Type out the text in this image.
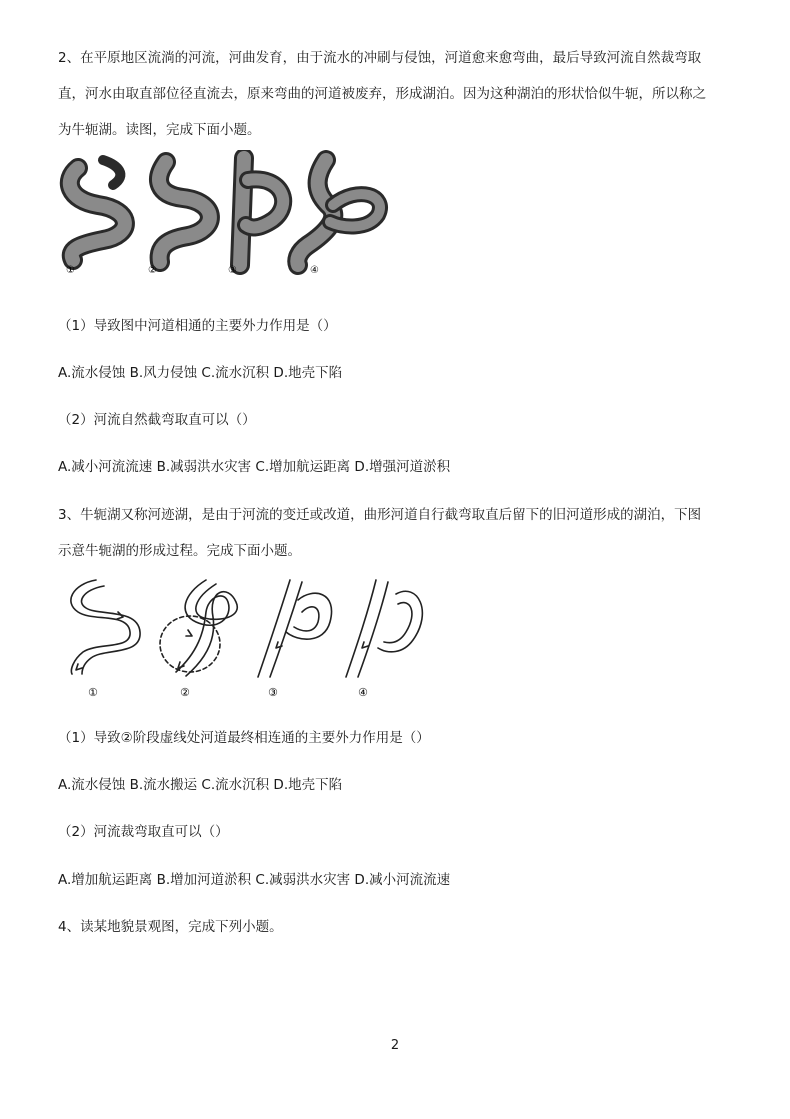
2、在平原地区流淌的河流，河曲发育，由于流水的冲刷与侵蚀，河道愈来愈弯曲，最后导致河流自然裁弯取
直，河水由取直部位径直流去，原来弯曲的河道被废弃，形成湖泊。因为这种湖泊的形状恰似牛轭，所以称之
为牛轭湖。读图，完成下面小题。
①	②	③	④
（1）导致图中河道相通的主要外力作用是（）
A.流水侵蚀 B.风力侵蚀 C.流水沉积 D.地壳下陷
（2）河流自然截弯取直可以（）
A.减小河流流速 B.减弱洪水灾害 C.增加航运距离 D.增强河道淤积
3、牛轭湖又称河迹湖，是由于河流的变迁或改道，曲形河道自行截弯取直后留下的旧河道形成的湖泊，下图
示意牛轭湖的形成过程。完成下面小题。
①	②	③	④
（1）导致②阶段虚线处河道最终相连通的主要外力作用是（）
A.流水侵蚀 B.流水搬运 C.流水沉积 D.地壳下陷
（2）河流裁弯取直可以（）
A.增加航运距离 B.增加河道淤积 C.减弱洪水灾害 D.减小河流流速
4、读某地貌景观图，完成下列小题。
2
